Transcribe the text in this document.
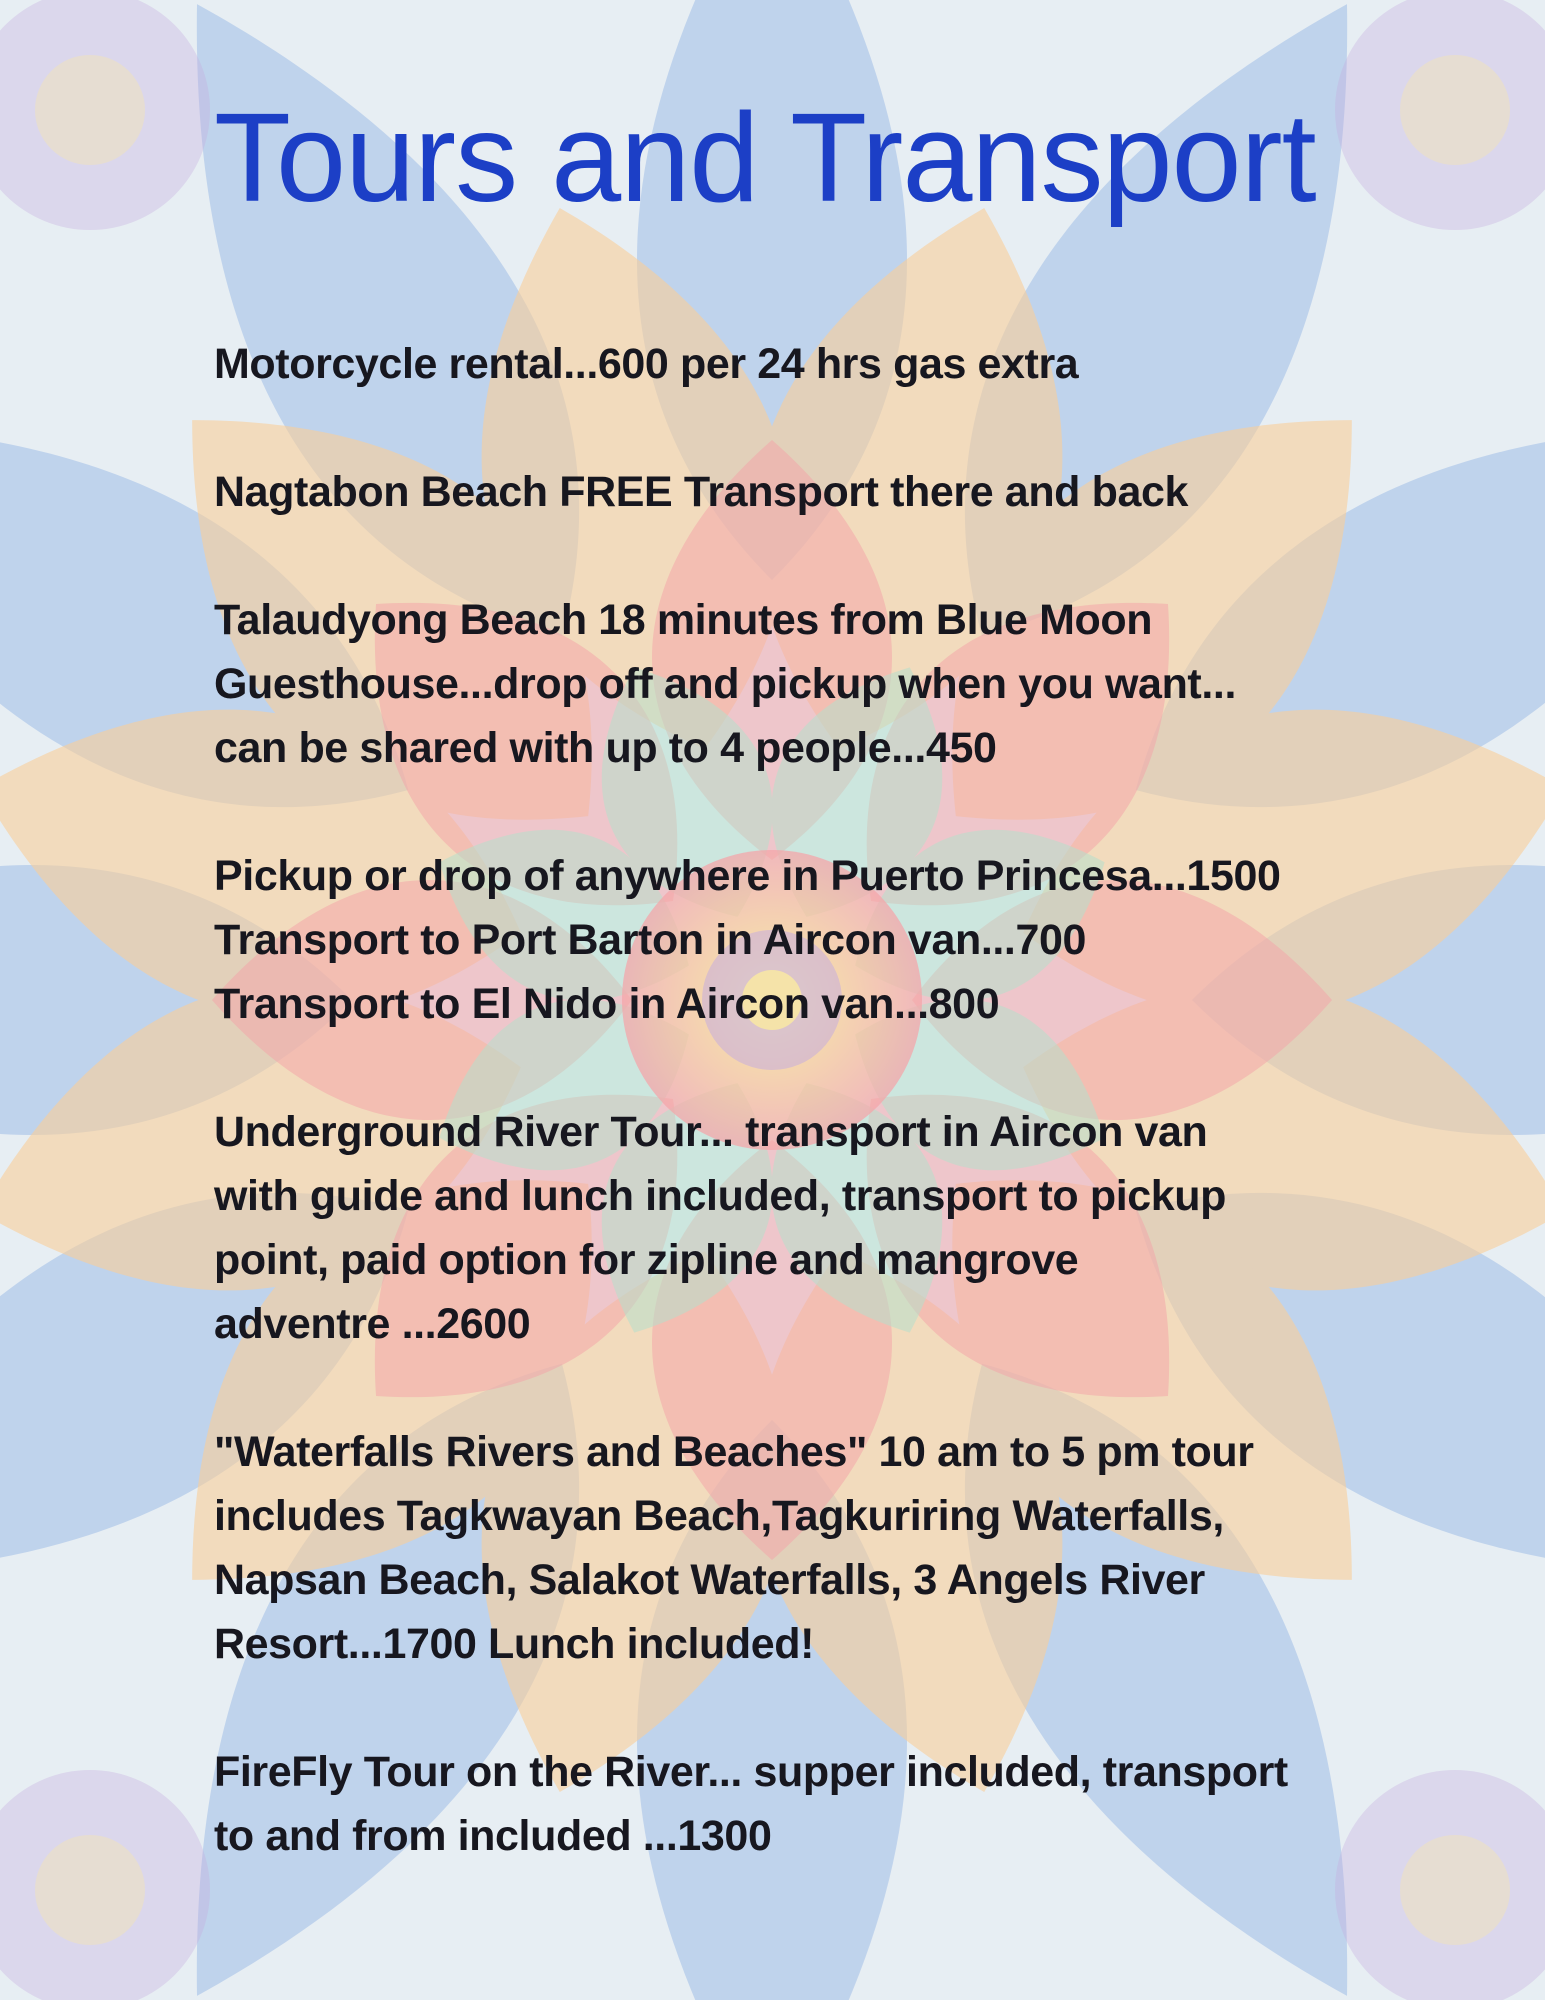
Tours and Transport

Motorcycle rental...600 per 24 hrs gas extra

Nagtabon Beach FREE Transport there and back

Talaudyong Beach 18 minutes from Blue Moon
Guesthouse...drop off and pickup when you want...
can be shared with up to 4 people...450

Pickup or drop of anywhere in Puerto Princesa...1500
Transport to Port Barton in Aircon van...700
Transport to El Nido in Aircon van...800

Underground River Tour... transport in Aircon van
with guide and lunch included, transport to pickup
point, paid option for zipline and mangrove
adventre ...2600

"Waterfalls Rivers and Beaches" 10 am to 5 pm tour
includes Tagkwayan Beach,Tagkuriring Waterfalls,
Napsan Beach, Salakot Waterfalls, 3 Angels River
Resort...1700 Lunch included!

FireFly Tour on the River... supper included, transport
to and from included ...1300
